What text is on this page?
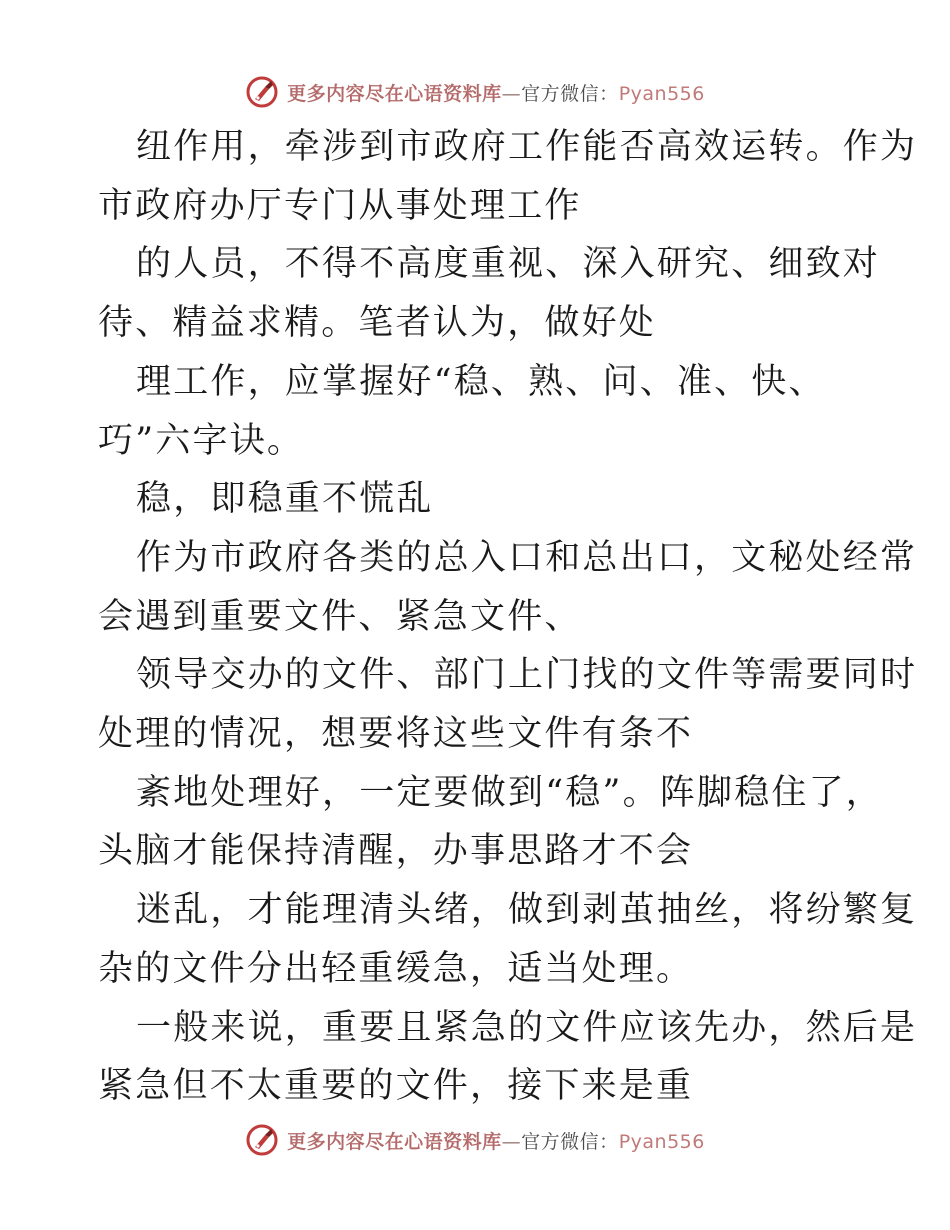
更多内容尽在心语资料库—官方微信：Pyan556

纽作用，牵涉到市政府工作能否高效运转。作为

市政府办厅专门从事处理工作

的人员，不得不高度重视、深入研究、细致对

待、精益求精。笔者认为，做好处

理工作，应掌握好“稳、熟、问、准、快、

巧”六字诀。

稳，即稳重不慌乱

作为市政府各类的总入口和总出口，文秘处经常

会遇到重要文件、紧急文件、

领导交办的文件、部门上门找的文件等需要同时

处理的情况，想要将这些文件有条不

紊地处理好，一定要做到“稳”。阵脚稳住了，

头脑才能保持清醒，办事思路才不会

迷乱，才能理清头绪，做到剥茧抽丝，将纷繁复

杂的文件分出轻重缓急，适当处理。

一般来说，重要且紧急的文件应该先办，然后是

紧急但不太重要的文件，接下来是重

更多内容尽在心语资料库—官方微信：Pyan556
